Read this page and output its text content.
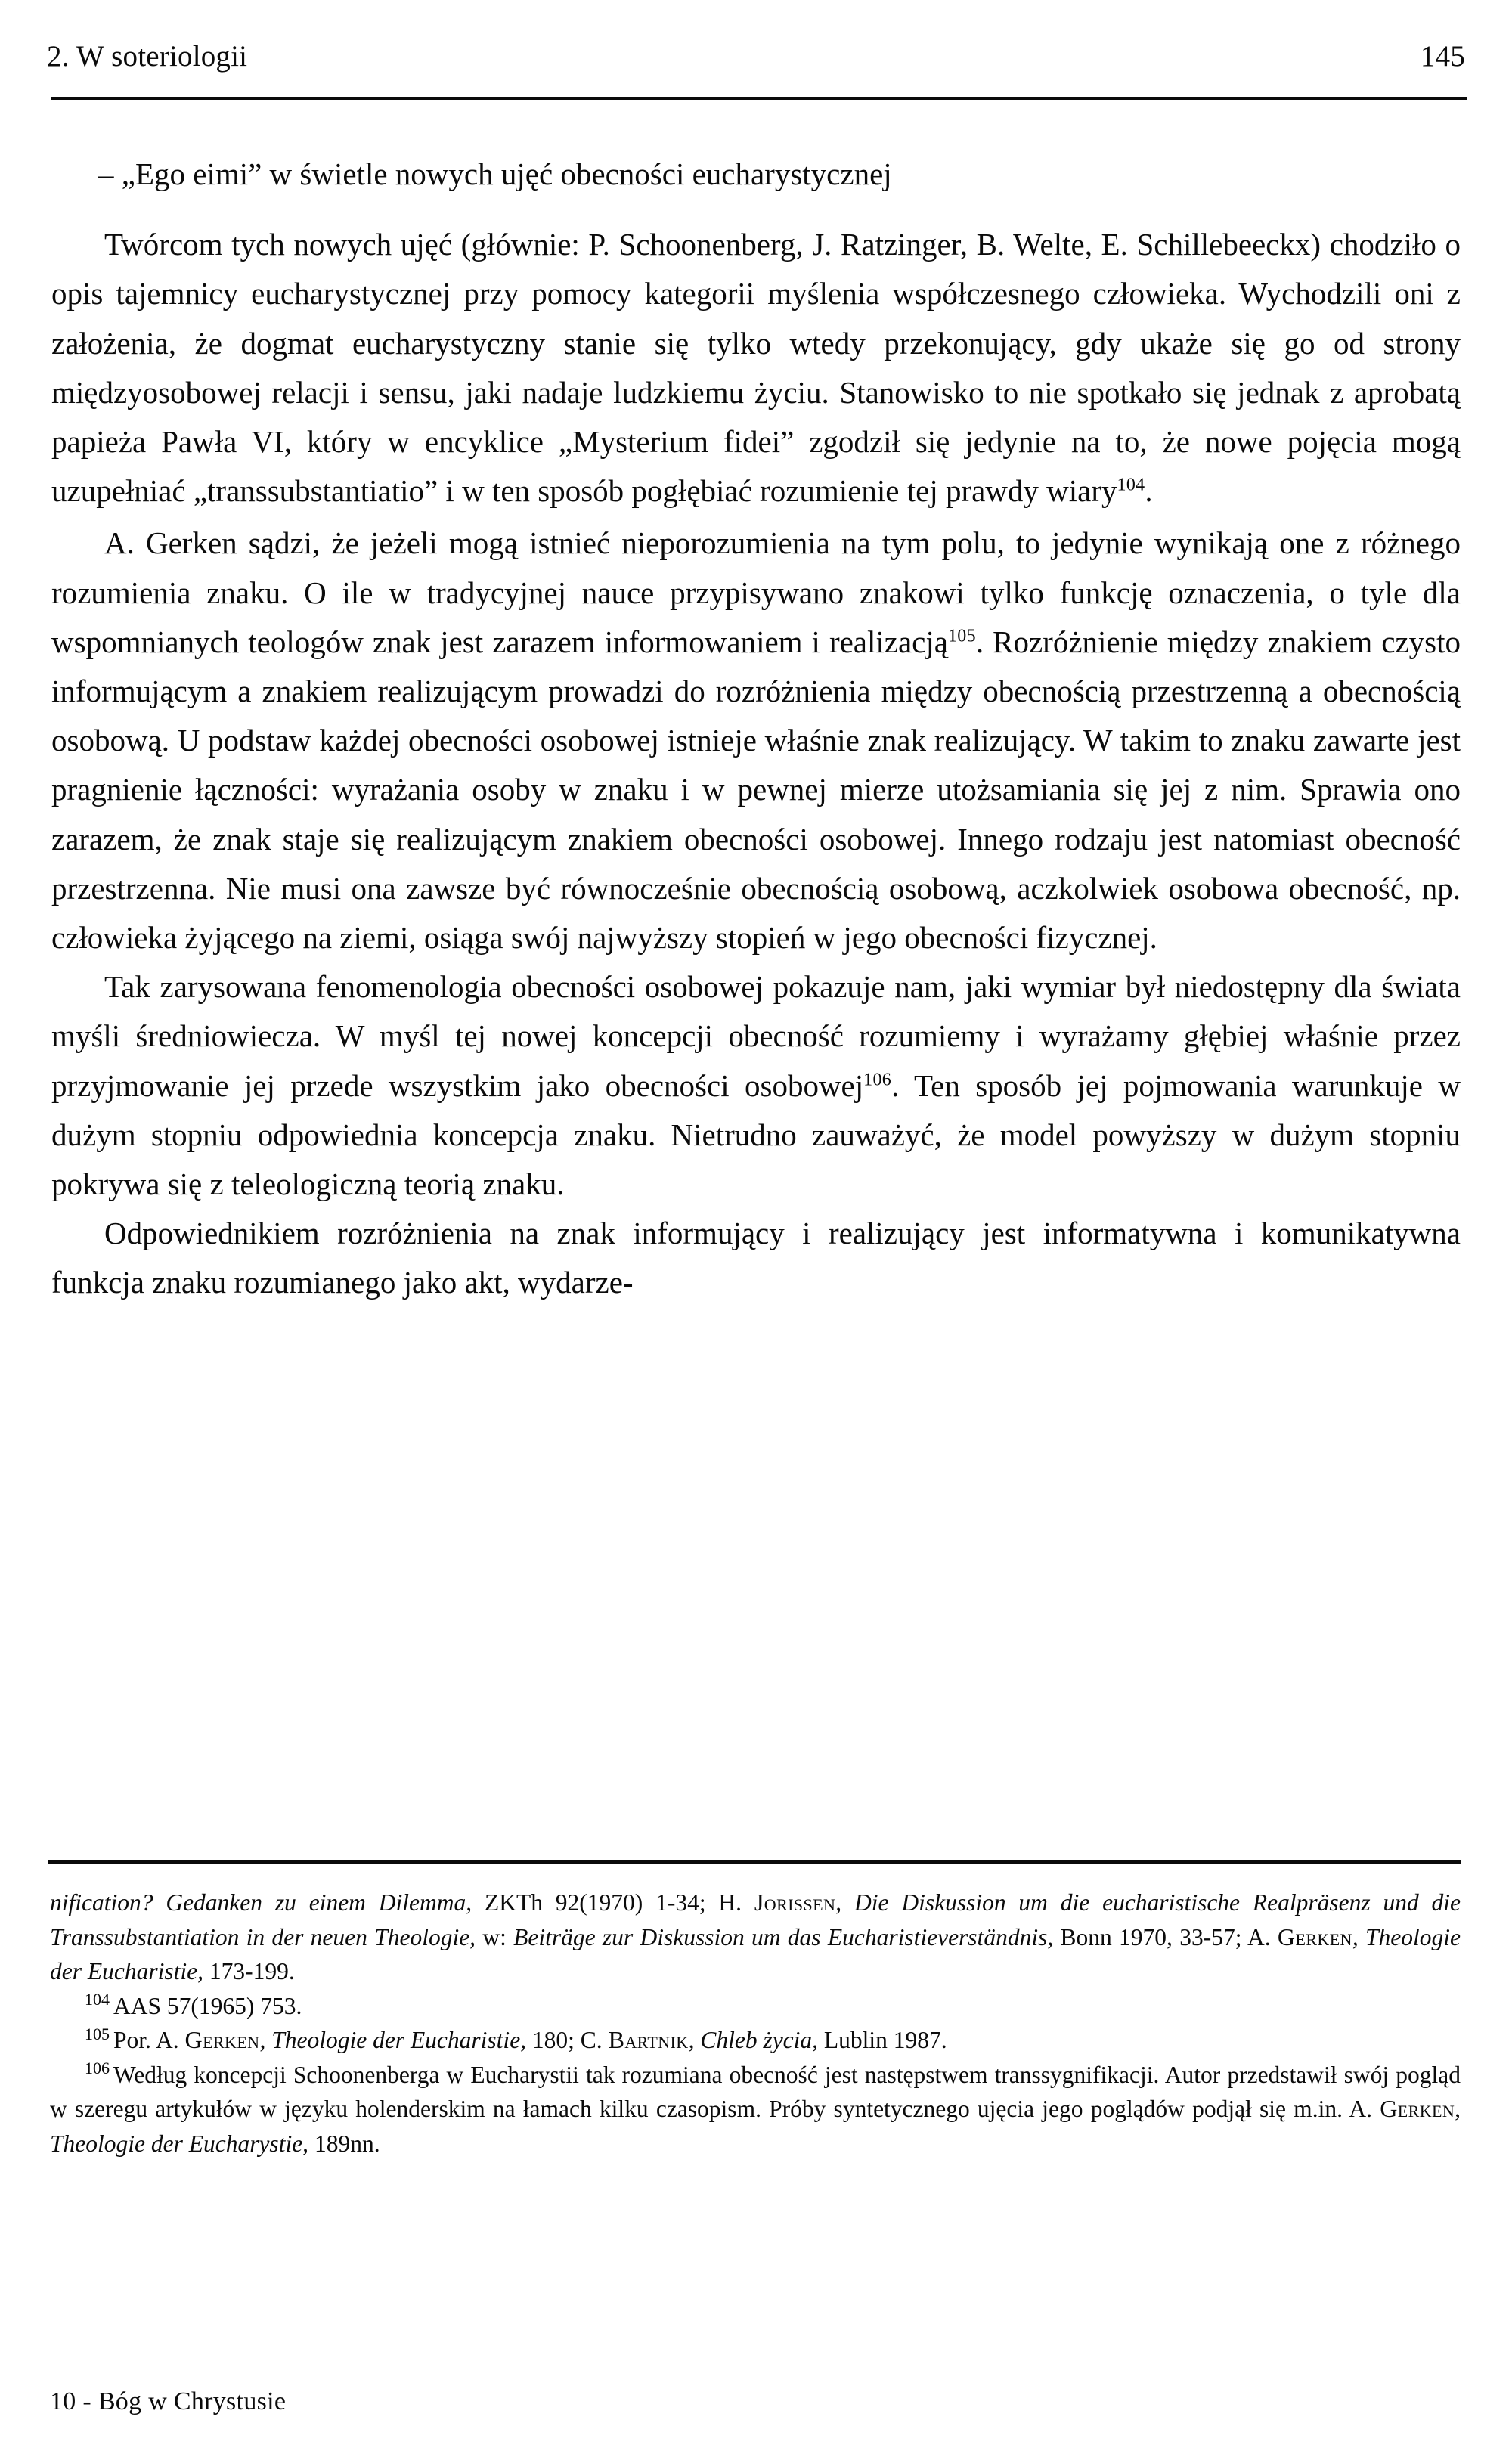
2. W soteriologii	145

– „Ego eimi” w świetle nowych ujęć obecności eucharystycznej

Twórcom tych nowych ujęć (głównie: P. Schoonenberg, J. Ratzinger, B. Welte, E. Schillebeeckx) chodziło o opis tajemnicy eucharystycznej przy pomocy kategorii myślenia współczesnego człowieka. Wychodzili oni z założenia, że dogmat eucharystyczny stanie się tylko wtedy przekonujący, gdy ukaże się go od strony międzyosobowej relacji i sensu, jaki nadaje ludzkiemu życiu. Stanowisko to nie spotkało się jednak z aprobatą papieża Pawła VI, który w encyklice „Mysterium fidei” zgodził się jedynie na to, że nowe pojęcia mogą uzupełniać „transsubstantiatio” i w ten sposób pogłębiać rozumienie tej prawdy wiary$^{104}$.

A. Gerken sądzi, że jeżeli mogą istnieć nieporozumienia na tym polu, to jedynie wynikają one z różnego rozumienia znaku. O ile w tradycyjnej nauce przypisywano znakowi tylko funkcję oznaczenia, o tyle dla wspomnianych teologów znak jest zarazem informowaniem i realizacją$^{105}$. Rozróżnienie między znakiem czysto informującym a znakiem realizującym prowadzi do rozróżnienia między obecnością przestrzenną a obecnością osobową. U podstaw każdej obecności osobowej istnieje właśnie znak realizujący. W takim to znaku zawarte jest pragnienie łączności: wyrażania osoby w znaku i w pewnej mierze utożsamiania się jej z nim. Sprawia ono zarazem, że znak staje się realizującym znakiem obecności osobowej. Innego rodzaju jest natomiast obecność przestrzenna. Nie musi ona zawsze być równocześnie obecnością osobową, aczkolwiek osobowa obecność, np. człowieka żyjącego na ziemi, osiąga swój najwyższy stopień w jego obecności fizycznej.

Tak zarysowana fenomenologia obecności osobowej pokazuje nam, jaki wymiar był niedostępny dla świata myśli średniowiecza. W myśl tej nowej koncepcji obecność rozumiemy i wyrażamy głębiej właśnie przez przyjmowanie jej przede wszystkim jako obecności osobowej$^{106}$. Ten sposób jej pojmowania warunkuje w dużym stopniu odpowiednia koncepcja znaku. Nietrudno zauważyć, że model powyższy w dużym stopniu pokrywa się z teleologiczną teorią znaku.

Odpowiednikiem rozróżnienia na znak informujący i realizujący jest informatywna i komunikatywna funkcja znaku rozumianego jako akt, wydarze-

nification? Gedanken zu einem Dilemma, ZKTh 92(1970) 1-34; H. Jorissen, Die Diskussion um die eucharistische Realpräsenz und die Transsubstantiation in der neuen Theologie, w: Beiträge zur Diskussion um das Eucharistieverständnis, Bonn 1970, 33-57; A. Gerken, Theologie der Eucharistie, 173-199.

$^{104}$ AAS 57(1965) 753.

$^{105}$ Por. A. Gerken, Theologie der Eucharistie, 180; C. Bartnik, Chleb życia, Lublin 1987.

$^{106}$ Według koncepcji Schoonenberga w Eucharystii tak rozumiana obecność jest następstwem transsygnifikacji. Autor przedstawił swój pogląd w szeregu artykułów w języku holenderskim na łamach kilku czasopism. Próby syntetycznego ujęcia jego poglądów podjął się m.in. A. Gerken, Theologie der Eucharystie, 189nn.

10 - Bóg w Chrystusie
